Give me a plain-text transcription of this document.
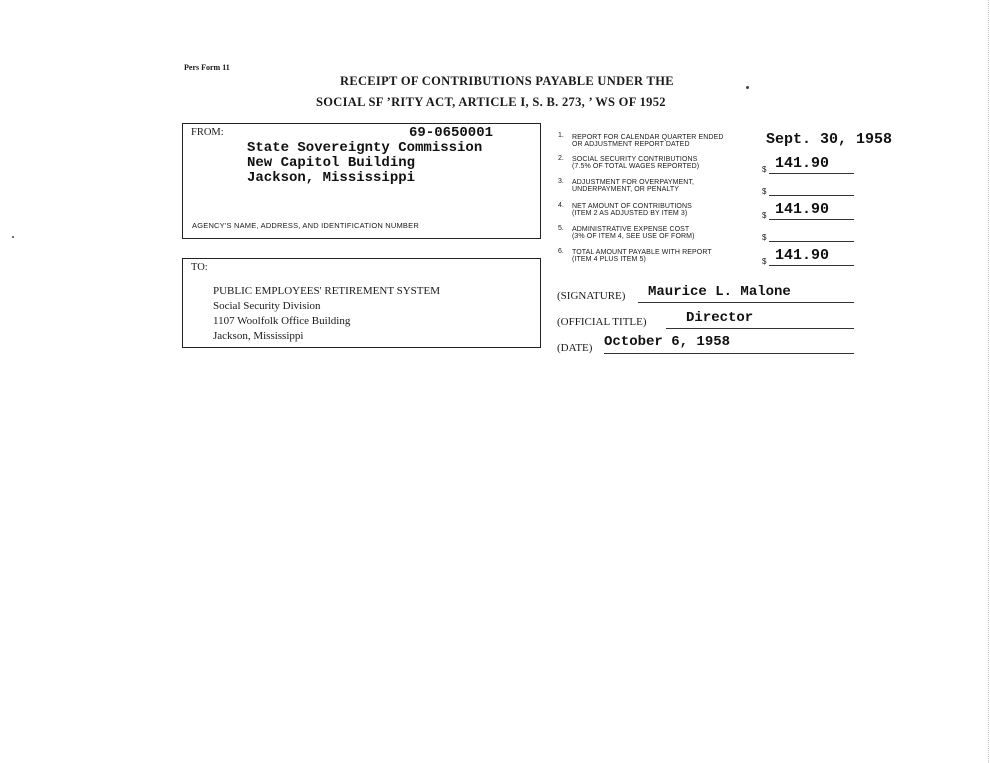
Pers Form 11
RECEIPT OF CONTRIBUTIONS PAYABLE UNDER THE
SOCIAL SF ’RITY ACT, ARTICLE I, S. B. 273, ’ WS OF 1952
FROM:	69-0650001
State Sovereignty Commission
New Capitol Building
Jackson, Mississippi
AGENCY'S NAME, ADDRESS, AND IDENTIFICATION NUMBER
TO:
PUBLIC EMPLOYEES' RETIREMENT SYSTEM
Social Security Division
1107 Woolfolk Office Building
Jackson, Mississippi
1. REPORT FOR CALENDAR QUARTER ENDED
OR ADJUSTMENT REPORT DATED	Sept. 30, 1958
2. SOCIAL SECURITY CONTRIBUTIONS
(7.5% OF TOTAL WAGES REPORTED)	$ 141.90
3. ADJUSTMENT FOR OVERPAYMENT,
UNDERPAYMENT, OR PENALTY	$
4. NET AMOUNT OF CONTRIBUTIONS
(ITEM 2 AS ADJUSTED BY ITEM 3)	$ 141.90
5. ADMINISTRATIVE EXPENSE COST
(3% OF ITEM 4, SEE USE OF FORM)	$
6. TOTAL AMOUNT PAYABLE WITH REPORT
(ITEM 4 PLUS ITEM 5)	$ 141.90
(SIGNATURE) Maurice L. Malone
(OFFICIAL TITLE)	Director
(DATE) October 6, 1958
